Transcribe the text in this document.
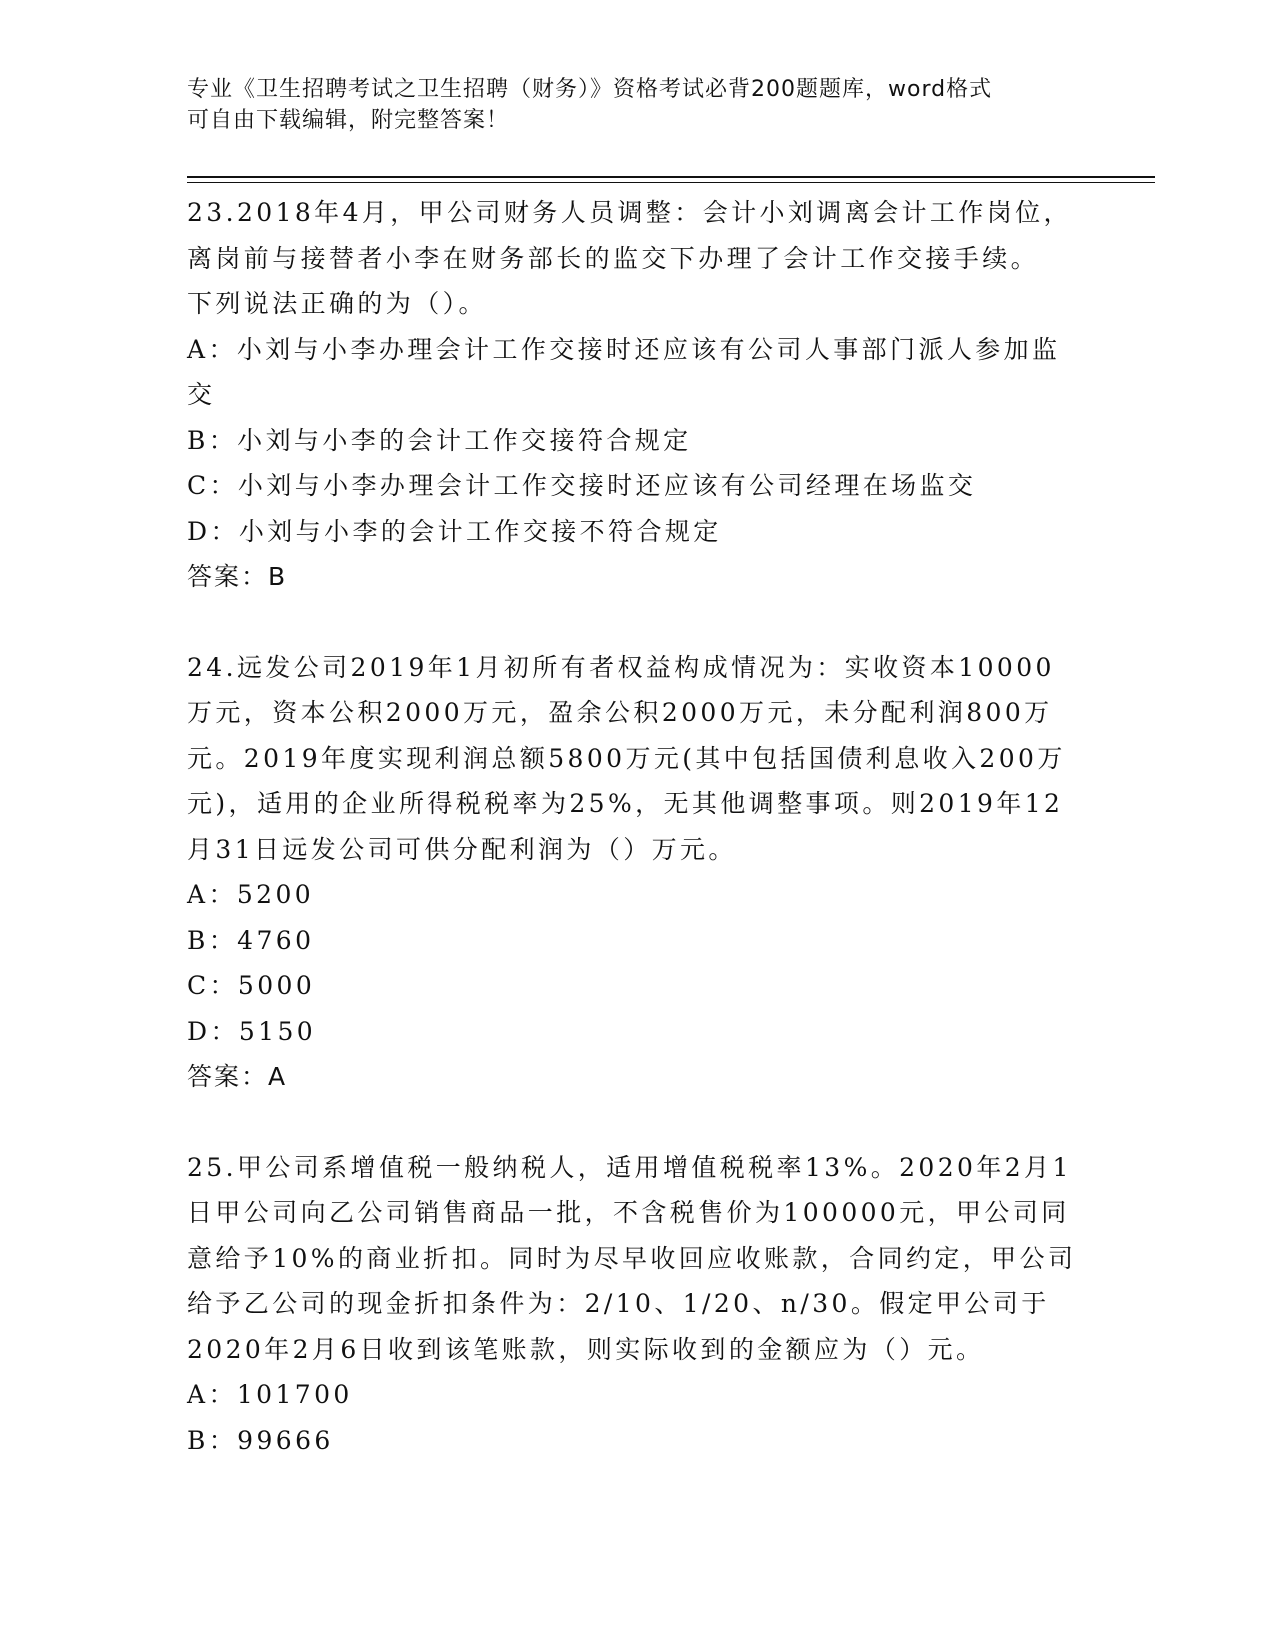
专业《卫生招聘考试之卫生招聘（财务）》资格考试必背200题题库，word格式
可自由下载编辑，附完整答案！
23.2018年4月，甲公司财务人员调整：会计小刘调离会计工作岗位，
离岗前与接替者小李在财务部长的监交下办理了会计工作交接手续。
下列说法正确的为（）。
A：小刘与小李办理会计工作交接时还应该有公司人事部门派人参加监
交
B：小刘与小李的会计工作交接符合规定
C：小刘与小李办理会计工作交接时还应该有公司经理在场监交
D：小刘与小李的会计工作交接不符合规定
答案：B
24.远发公司2019年1月初所有者权益构成情况为：实收资本10000
万元，资本公积2000万元，盈余公积2000万元，未分配利润800万
元。2019年度实现利润总额5800万元(其中包括国债利息收入200万
元)，适用的企业所得税税率为25%，无其他调整事项。则2019年12
月31日远发公司可供分配利润为（）万元。
A：5200
B：4760
C：5000
D：5150
答案：A
25.甲公司系增值税一般纳税人，适用增值税税率13%。2020年2月1
日甲公司向乙公司销售商品一批，不含税售价为100000元，甲公司同
意给予10%的商业折扣。同时为尽早收回应收账款，合同约定，甲公司
给予乙公司的现金折扣条件为：2/10、1/20、n/30。假定甲公司于
2020年2月6日收到该笔账款，则实际收到的金额应为（）元。
A：101700
B：99666
